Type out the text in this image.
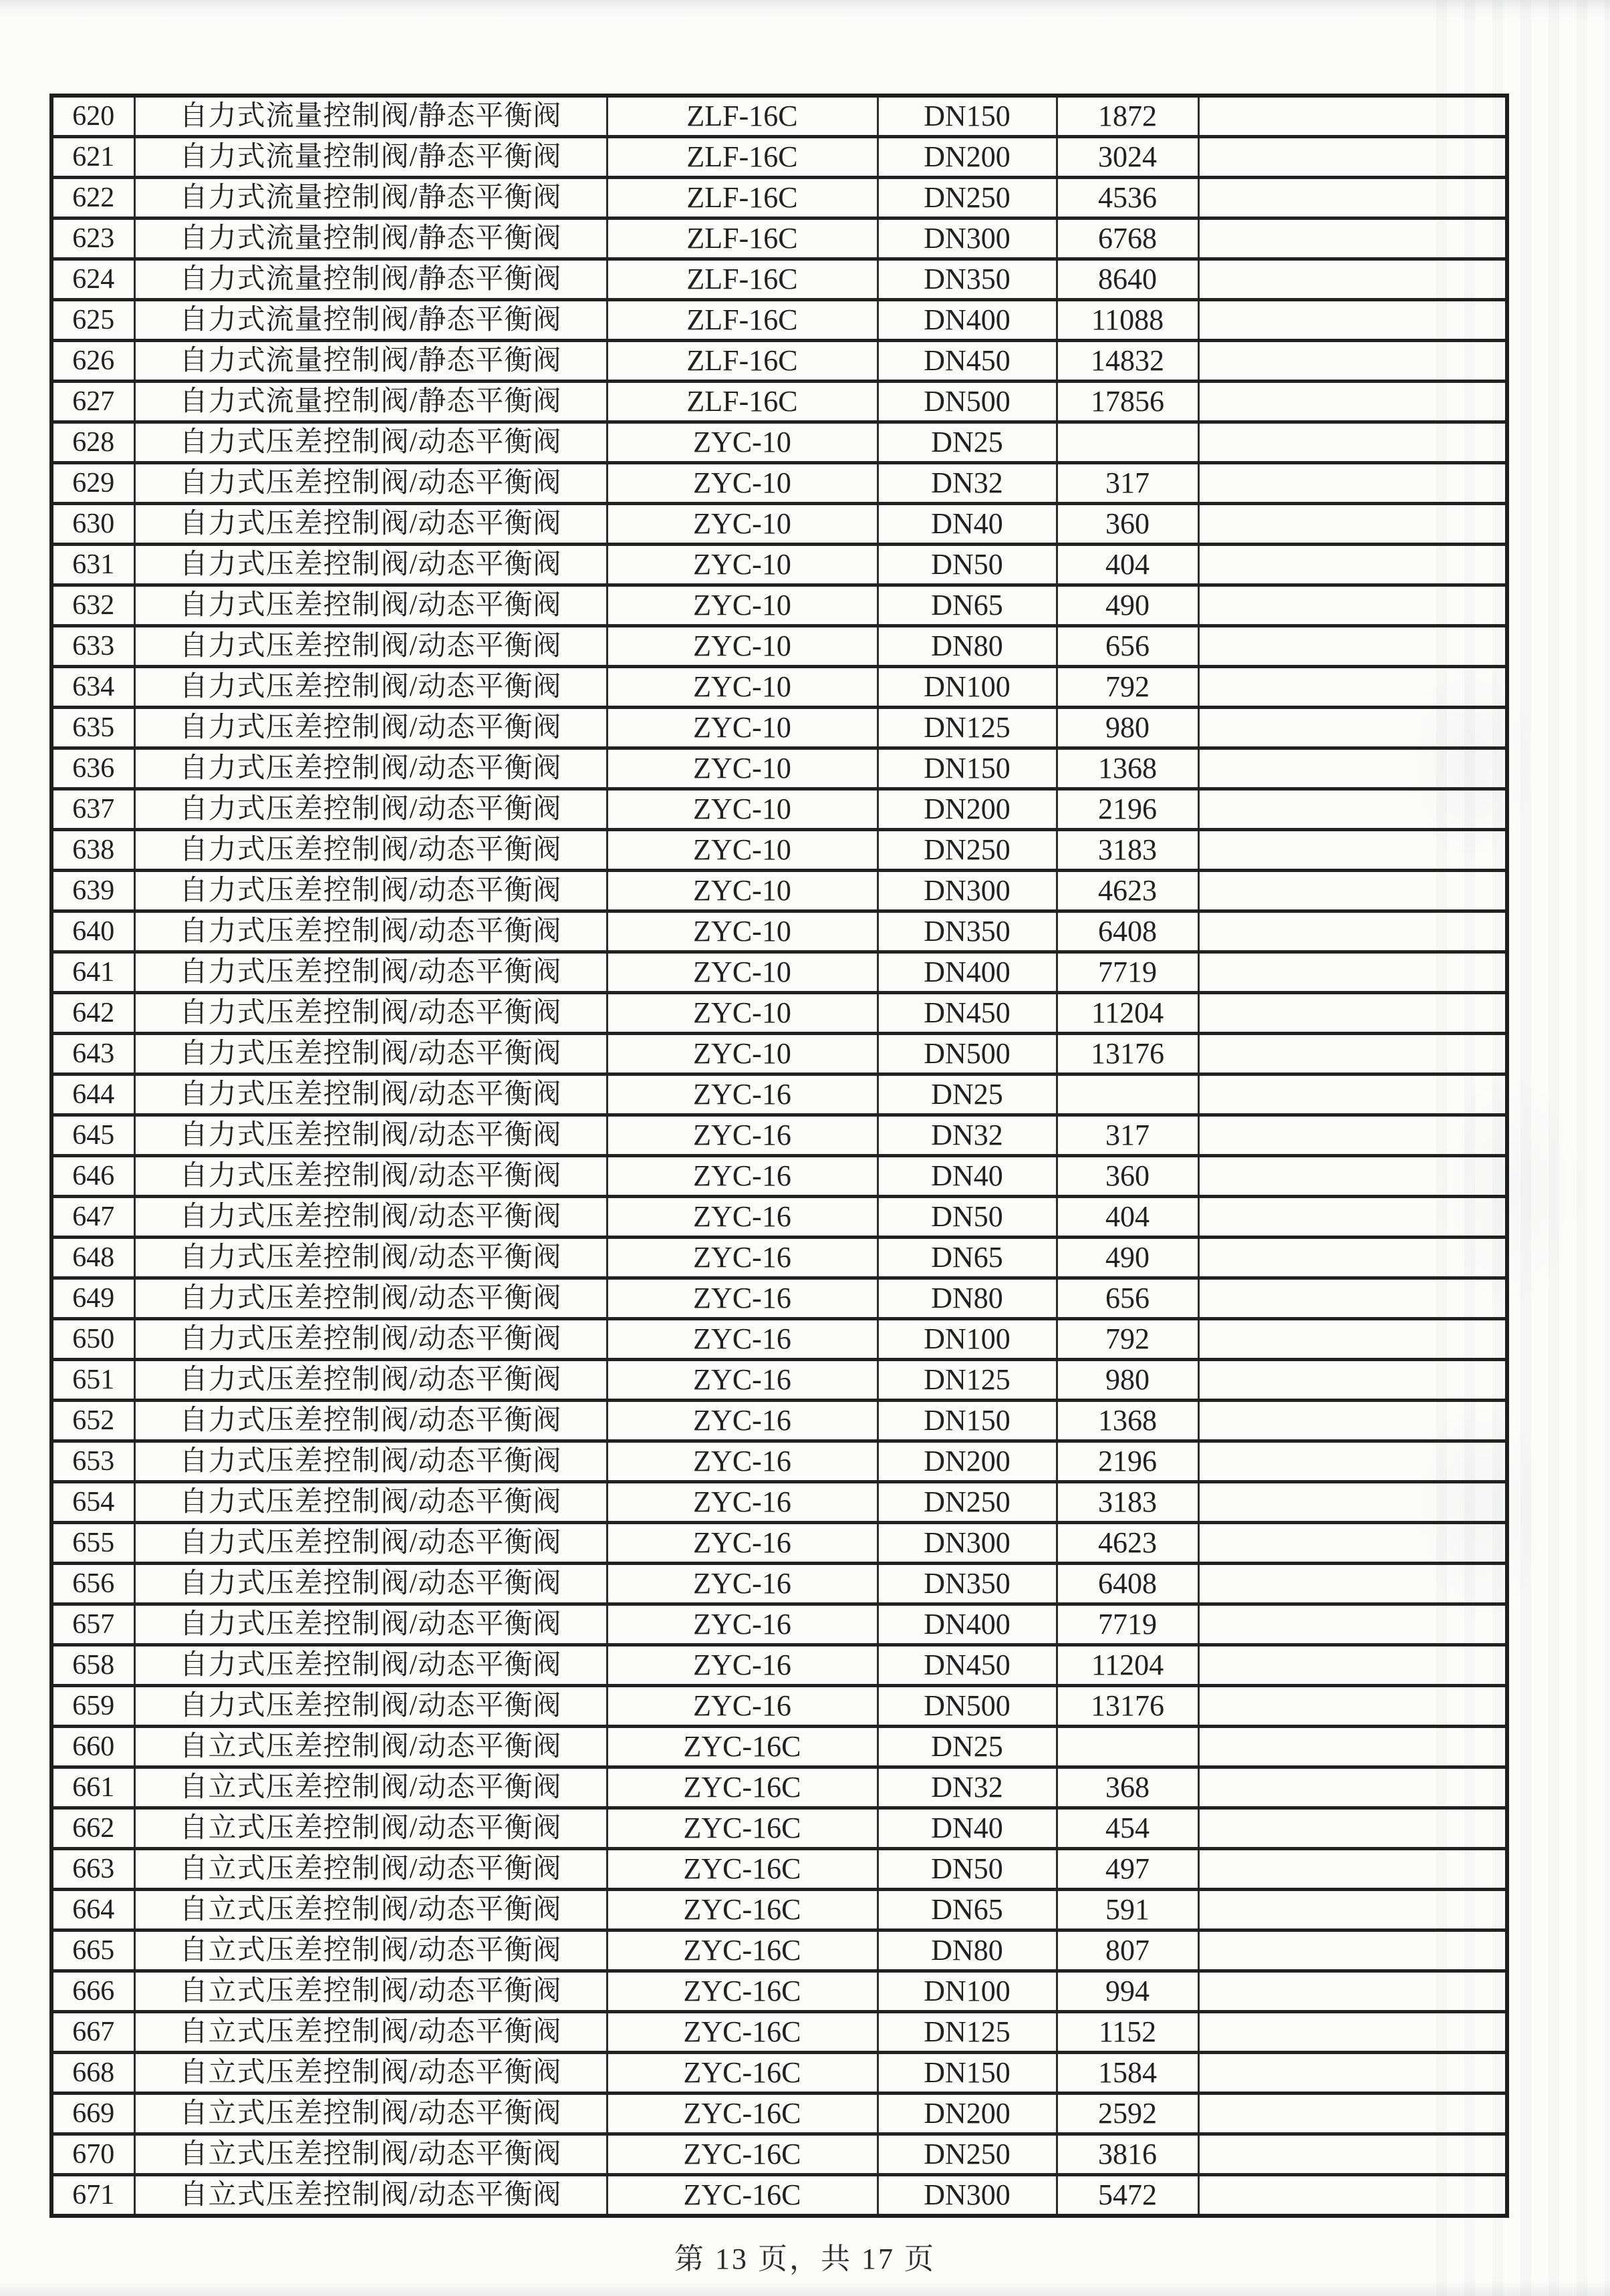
620	自力式流量控制阀/静态平衡阀	ZLF-16C	DN150	1872	
621	自力式流量控制阀/静态平衡阀	ZLF-16C	DN200	3024	
622	自力式流量控制阀/静态平衡阀	ZLF-16C	DN250	4536	
623	自力式流量控制阀/静态平衡阀	ZLF-16C	DN300	6768	
624	自力式流量控制阀/静态平衡阀	ZLF-16C	DN350	8640	
625	自力式流量控制阀/静态平衡阀	ZLF-16C	DN400	11088	
626	自力式流量控制阀/静态平衡阀	ZLF-16C	DN450	14832	
627	自力式流量控制阀/静态平衡阀	ZLF-16C	DN500	17856	
628	自力式压差控制阀/动态平衡阀	ZYC-10	DN25		
629	自力式压差控制阀/动态平衡阀	ZYC-10	DN32	317	
630	自力式压差控制阀/动态平衡阀	ZYC-10	DN40	360	
631	自力式压差控制阀/动态平衡阀	ZYC-10	DN50	404	
632	自力式压差控制阀/动态平衡阀	ZYC-10	DN65	490	
633	自力式压差控制阀/动态平衡阀	ZYC-10	DN80	656	
634	自力式压差控制阀/动态平衡阀	ZYC-10	DN100	792	
635	自力式压差控制阀/动态平衡阀	ZYC-10	DN125	980	
636	自力式压差控制阀/动态平衡阀	ZYC-10	DN150	1368	
637	自力式压差控制阀/动态平衡阀	ZYC-10	DN200	2196	
638	自力式压差控制阀/动态平衡阀	ZYC-10	DN250	3183	
639	自力式压差控制阀/动态平衡阀	ZYC-10	DN300	4623	
640	自力式压差控制阀/动态平衡阀	ZYC-10	DN350	6408	
641	自力式压差控制阀/动态平衡阀	ZYC-10	DN400	7719	
642	自力式压差控制阀/动态平衡阀	ZYC-10	DN450	11204	
643	自力式压差控制阀/动态平衡阀	ZYC-10	DN500	13176	
644	自力式压差控制阀/动态平衡阀	ZYC-16	DN25		
645	自力式压差控制阀/动态平衡阀	ZYC-16	DN32	317	
646	自力式压差控制阀/动态平衡阀	ZYC-16	DN40	360	
647	自力式压差控制阀/动态平衡阀	ZYC-16	DN50	404	
648	自力式压差控制阀/动态平衡阀	ZYC-16	DN65	490	
649	自力式压差控制阀/动态平衡阀	ZYC-16	DN80	656	
650	自力式压差控制阀/动态平衡阀	ZYC-16	DN100	792	
651	自力式压差控制阀/动态平衡阀	ZYC-16	DN125	980	
652	自力式压差控制阀/动态平衡阀	ZYC-16	DN150	1368	
653	自力式压差控制阀/动态平衡阀	ZYC-16	DN200	2196	
654	自力式压差控制阀/动态平衡阀	ZYC-16	DN250	3183	
655	自力式压差控制阀/动态平衡阀	ZYC-16	DN300	4623	
656	自力式压差控制阀/动态平衡阀	ZYC-16	DN350	6408	
657	自力式压差控制阀/动态平衡阀	ZYC-16	DN400	7719	
658	自力式压差控制阀/动态平衡阀	ZYC-16	DN450	11204	
659	自力式压差控制阀/动态平衡阀	ZYC-16	DN500	13176	
660	自立式压差控制阀/动态平衡阀	ZYC-16C	DN25		
661	自立式压差控制阀/动态平衡阀	ZYC-16C	DN32	368	
662	自立式压差控制阀/动态平衡阀	ZYC-16C	DN40	454	
663	自立式压差控制阀/动态平衡阀	ZYC-16C	DN50	497	
664	自立式压差控制阀/动态平衡阀	ZYC-16C	DN65	591	
665	自立式压差控制阀/动态平衡阀	ZYC-16C	DN80	807	
666	自立式压差控制阀/动态平衡阀	ZYC-16C	DN100	994	
667	自立式压差控制阀/动态平衡阀	ZYC-16C	DN125	1152	
668	自立式压差控制阀/动态平衡阀	ZYC-16C	DN150	1584	
669	自立式压差控制阀/动态平衡阀	ZYC-16C	DN200	2592	
670	自立式压差控制阀/动态平衡阀	ZYC-16C	DN250	3816	
671	自立式压差控制阀/动态平衡阀	ZYC-16C	DN300	5472	
第 13 页，共 17 页
